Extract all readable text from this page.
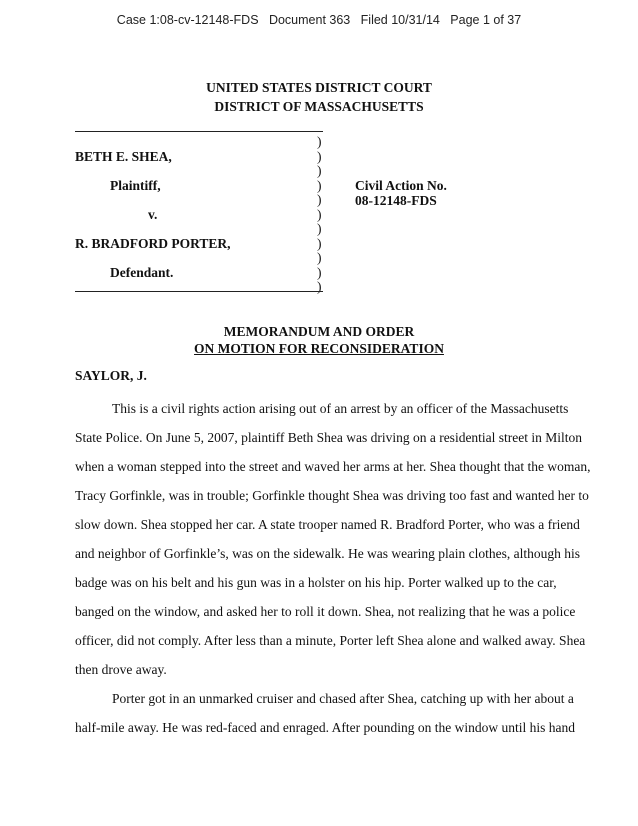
Case 1:08-cv-12148-FDS   Document 363   Filed 10/31/14   Page 1 of 37
UNITED STATES DISTRICT COURT
DISTRICT OF MASSACHUSETTS
)
)
)
)
)
)
)
)
)
)
)
BETH E. SHEA,
Plaintiff,	Civil Action No.
08-12148-FDS
v.
R. BRADFORD PORTER,
Defendant.
MEMORANDUM AND ORDER
ON MOTION FOR RECONSIDERATION
SAYLOR, J.
This is a civil rights action arising out of an arrest by an officer of the Massachusetts
State Police. On June 5, 2007, plaintiff Beth Shea was driving on a residential street in Milton
when a woman stepped into the street and waved her arms at her. Shea thought that the woman,
Tracy Gorfinkle, was in trouble; Gorfinkle thought Shea was driving too fast and wanted her to
slow down. Shea stopped her car. A state trooper named R. Bradford Porter, who was a friend
and neighbor of Gorfinkle’s, was on the sidewalk. He was wearing plain clothes, although his
badge was on his belt and his gun was in a holster on his hip. Porter walked up to the car,
banged on the window, and asked her to roll it down. Shea, not realizing that he was a police
officer, did not comply. After less than a minute, Porter left Shea alone and walked away. Shea
then drove away.
Porter got in an unmarked cruiser and chased after Shea, catching up with her about a
half-mile away. He was red-faced and enraged. After pounding on the window until his hand
